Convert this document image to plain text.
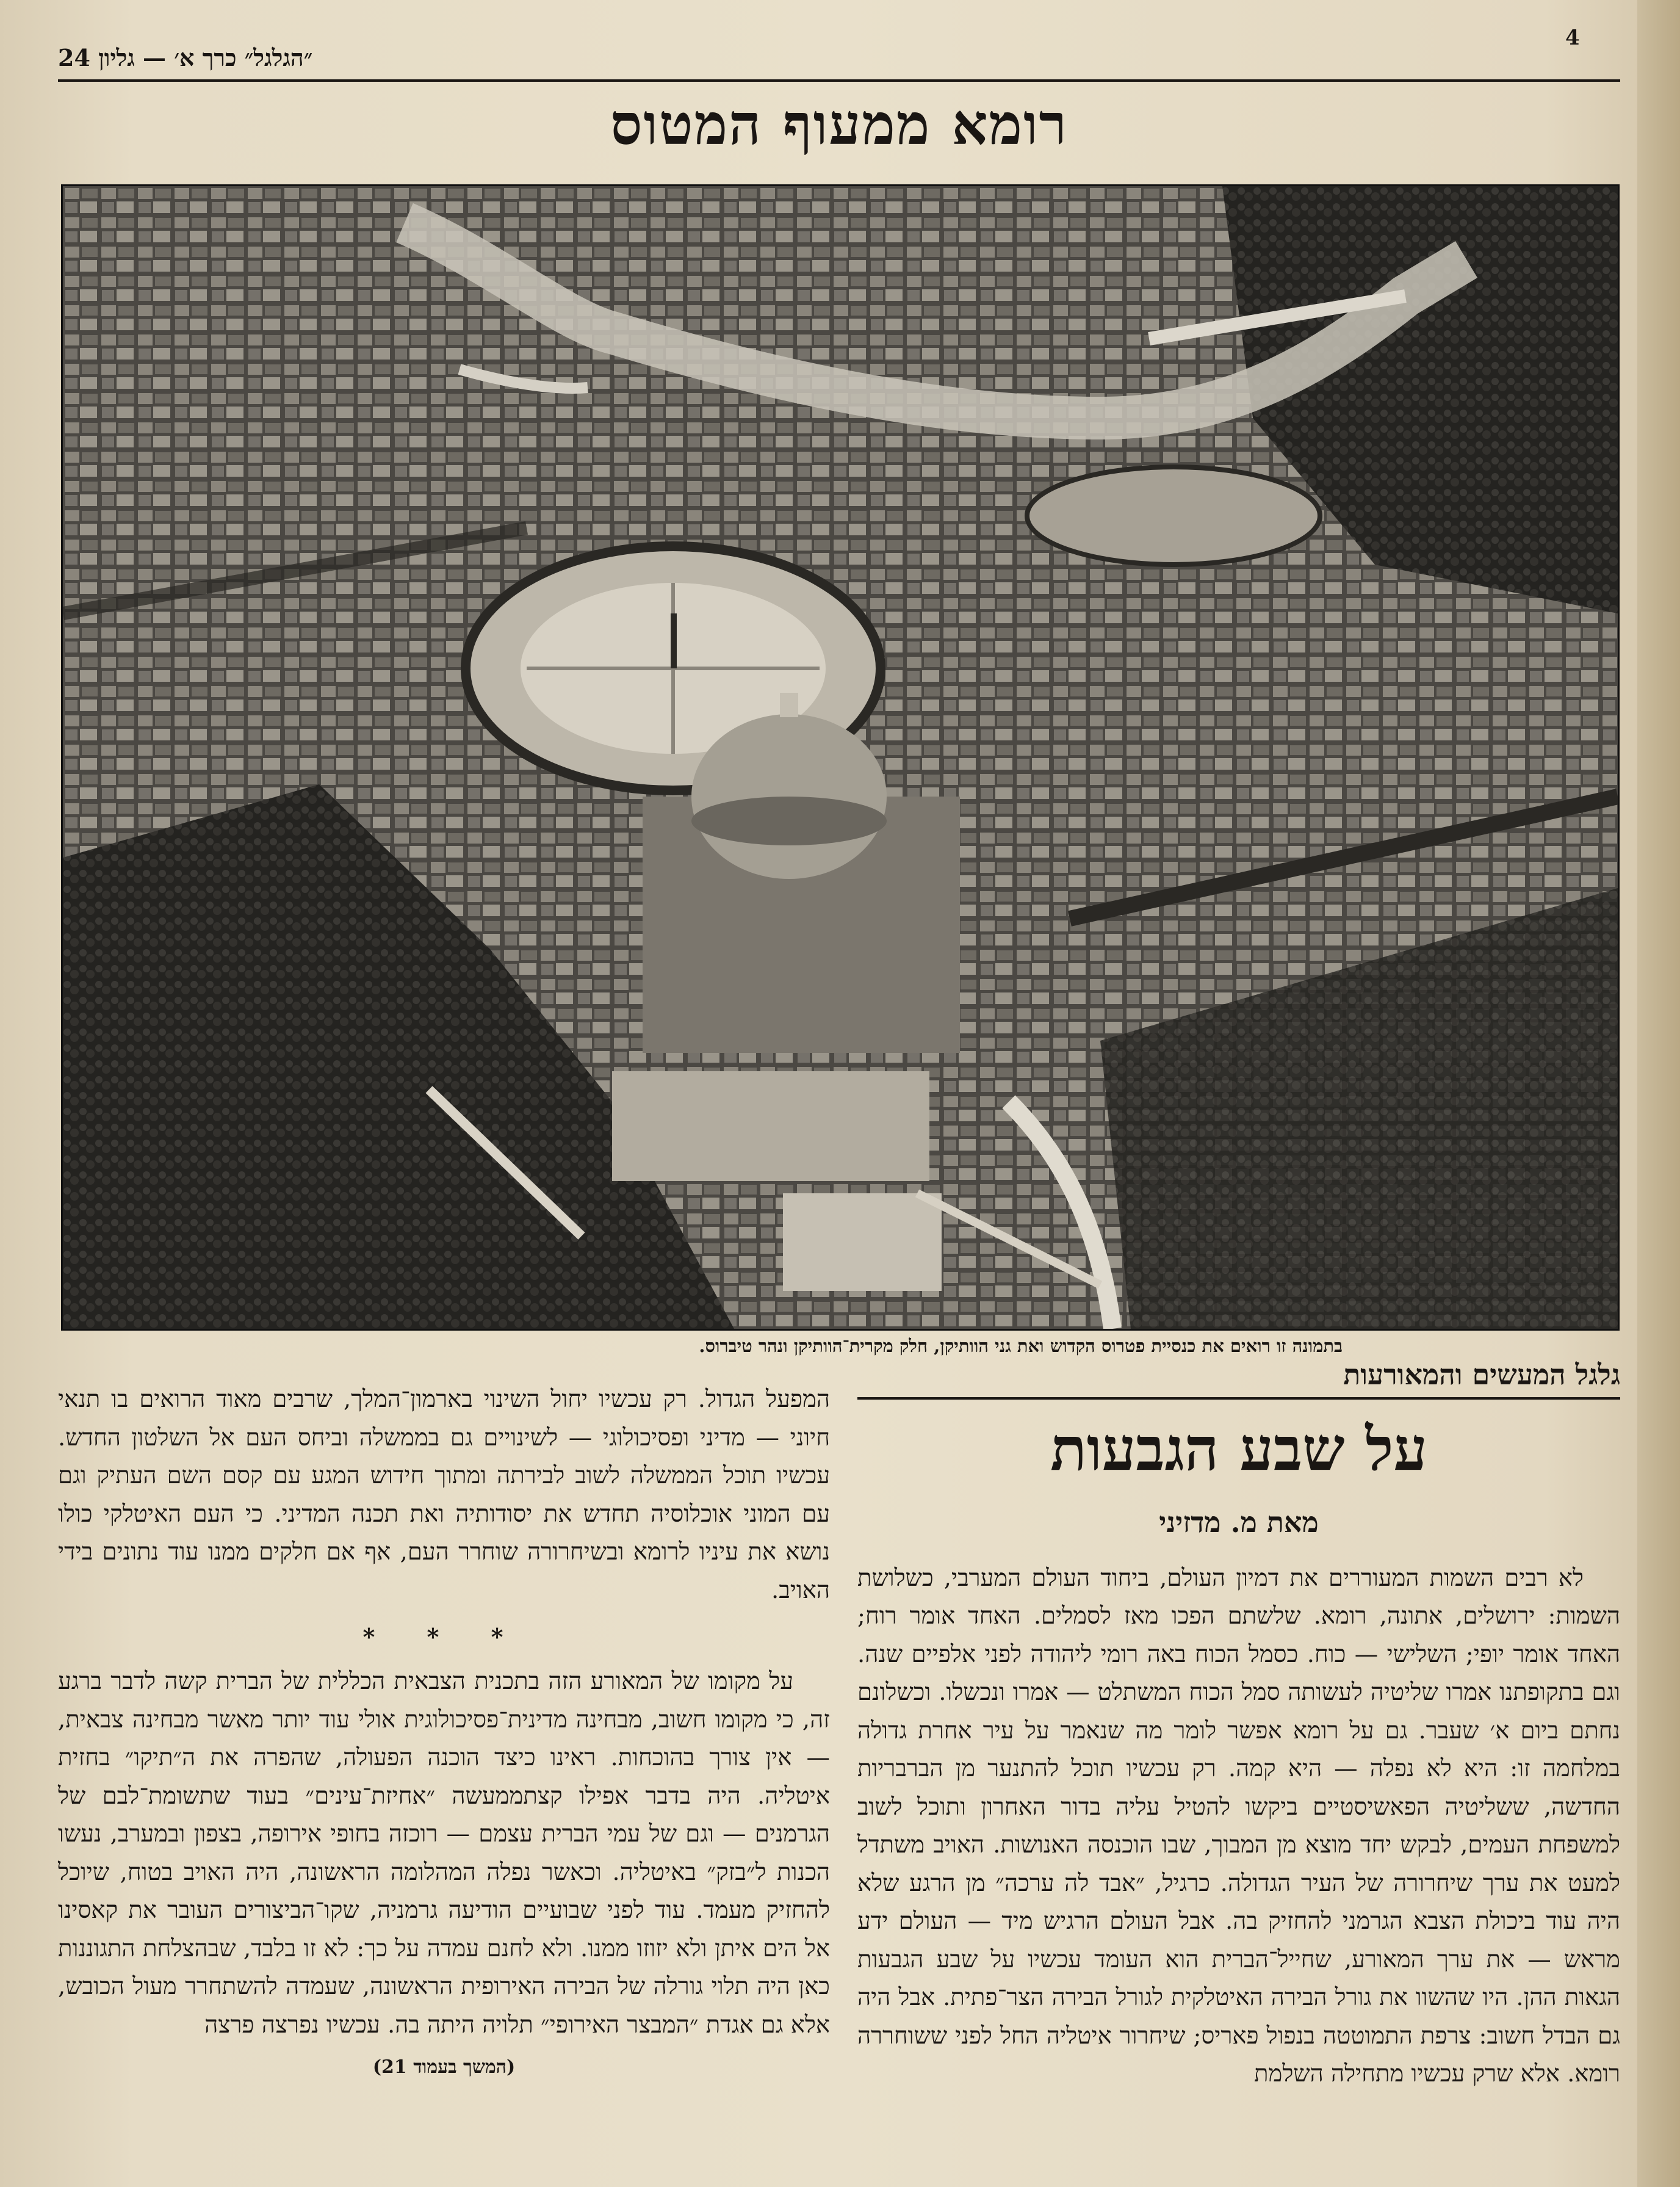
4
״הגלגל״ כרך א׳ — גליון 24
רומא ממעוף המטוס
בתמונה זו רואים את כנסיית פטרוס הקדוש ואת גני הוותיקן, חלק מקרית־הוותיקן ונהר טיברוס.
גלגל המעשים והמאורעות
על שבע הגבעות
מאת מ. מדזיני

לא רבים השמות המעוררים את דמיון העולם, ביחוד העולם המערבי, כשלושת השמות: ירושלים, אתונה, רומא. שלשתם הפכו מאז לסמלים. האחד אומר רוח; האחד אומר יופי; השלישי — כוח. כסמל הכוח באה רומי ליהודה לפני אלפיים שנה. וגם בתקופתנו אמרו שליטיה לעשותה סמל הכוח המשתלט — אמרו ונכשלו. וכשלונם נחתם ביום א׳ שעבר. גם על רומא אפשר לומר מה שנאמר על עיר אחרת גדולה במלחמה זו: היא לא נפלה — היא קמה. רק עכשיו תוכל להתנער מן הברבריות החדשה, ששליטיה הפאשיסטיים ביקשו להטיל עליה בדור האחרון ותוכל לשוב למשפחת העמים, לבקש יחד מוצא מן המבוך, שבו הוכנסה האנושות. האויב משתדל למעט את ערך שיחרורה של העיר הגדולה. כרגיל, ״אבד לה ערכה״ מן הרגע שלא היה עוד ביכולת הצבא הגרמני להחזיק בה. אבל העולם הרגיש מיד — העולם ידע מראש — את ערך המאורע, שחייל־הברית הוא העומד עכשיו על שבע הגבעות הגאות ההן. היו שהשוו את גורל הבירה האיטלקית לגורל הבירה הצר־פתית. אבל היה גם הבדל חשוב: צרפת התמוטטה בנפול פאריס; שיחרור איטליה החל לפני ששוחררה רומא. אלא שרק עכשיו מתחילה השלמת

המפעל הגדול. רק עכשיו יחול השינוי בארמון־המלך, שרבים מאוד הרואים בו תנאי חיוני — מדיני ופסיכולוגי — לשינויים גם בממשלה וביחס העם אל השלטון החדש. עכשיו תוכל הממשלה לשוב לבירתה ומתוך חידוש המגע עם קסם השם העתיק וגם עם המוני אוכלוסיה תחדש את יסודותיה ואת תכנה המדיני. כי העם האיטלקי כולו נושא את עיניו לרומא ובשיחרורה שוחרר העם, אף אם חלקים ממנו עוד נתונים בידי האויב.

* * *

על מקומו של המאורע הזה בתכנית הצבאית הכללית של הברית קשה לדבר ברגע זה, כי מקומו חשוב, מבחינה מדינית־פסיכולוגית אולי עוד יותר מאשר מבחינה צבאית, — אין צורך בהוכחות. ראינו כיצד הוכנה הפעולה, שהפרה את ה״תיקו״ בחזית איטליה. היה בדבר אפילו קצתממעשה ״אחיזת־עינים״ בעוד שתשומת־לבם של הגרמנים — וגם של עמי הברית עצמם — רוכזה בחופי אירופה, בצפון ובמערב, נעשו הכנות ל״בזק״ באיטליה. וכאשר נפלה המהלומה הראשונה, היה האויב בטוח, שיוכל להחזיק מעמד. עוד לפני שבועיים הודיעה גרמניה, שקו־הביצורים העובר את קאסינו אל הים איתן ולא יזוזו ממנו. ולא לחנם עמדה על כך: לא זו בלבד, שבהצלחת התגוננות כאן היה תלוי גורלה של הבירה האירופית הראשונה, שעמדה להשתחרר מעול הכובש, אלא גם אגדת ״המבצר האירופי״ תלויה היתה בה. עכשיו נפרצה פרצה

(המשך בעמוד 21)
